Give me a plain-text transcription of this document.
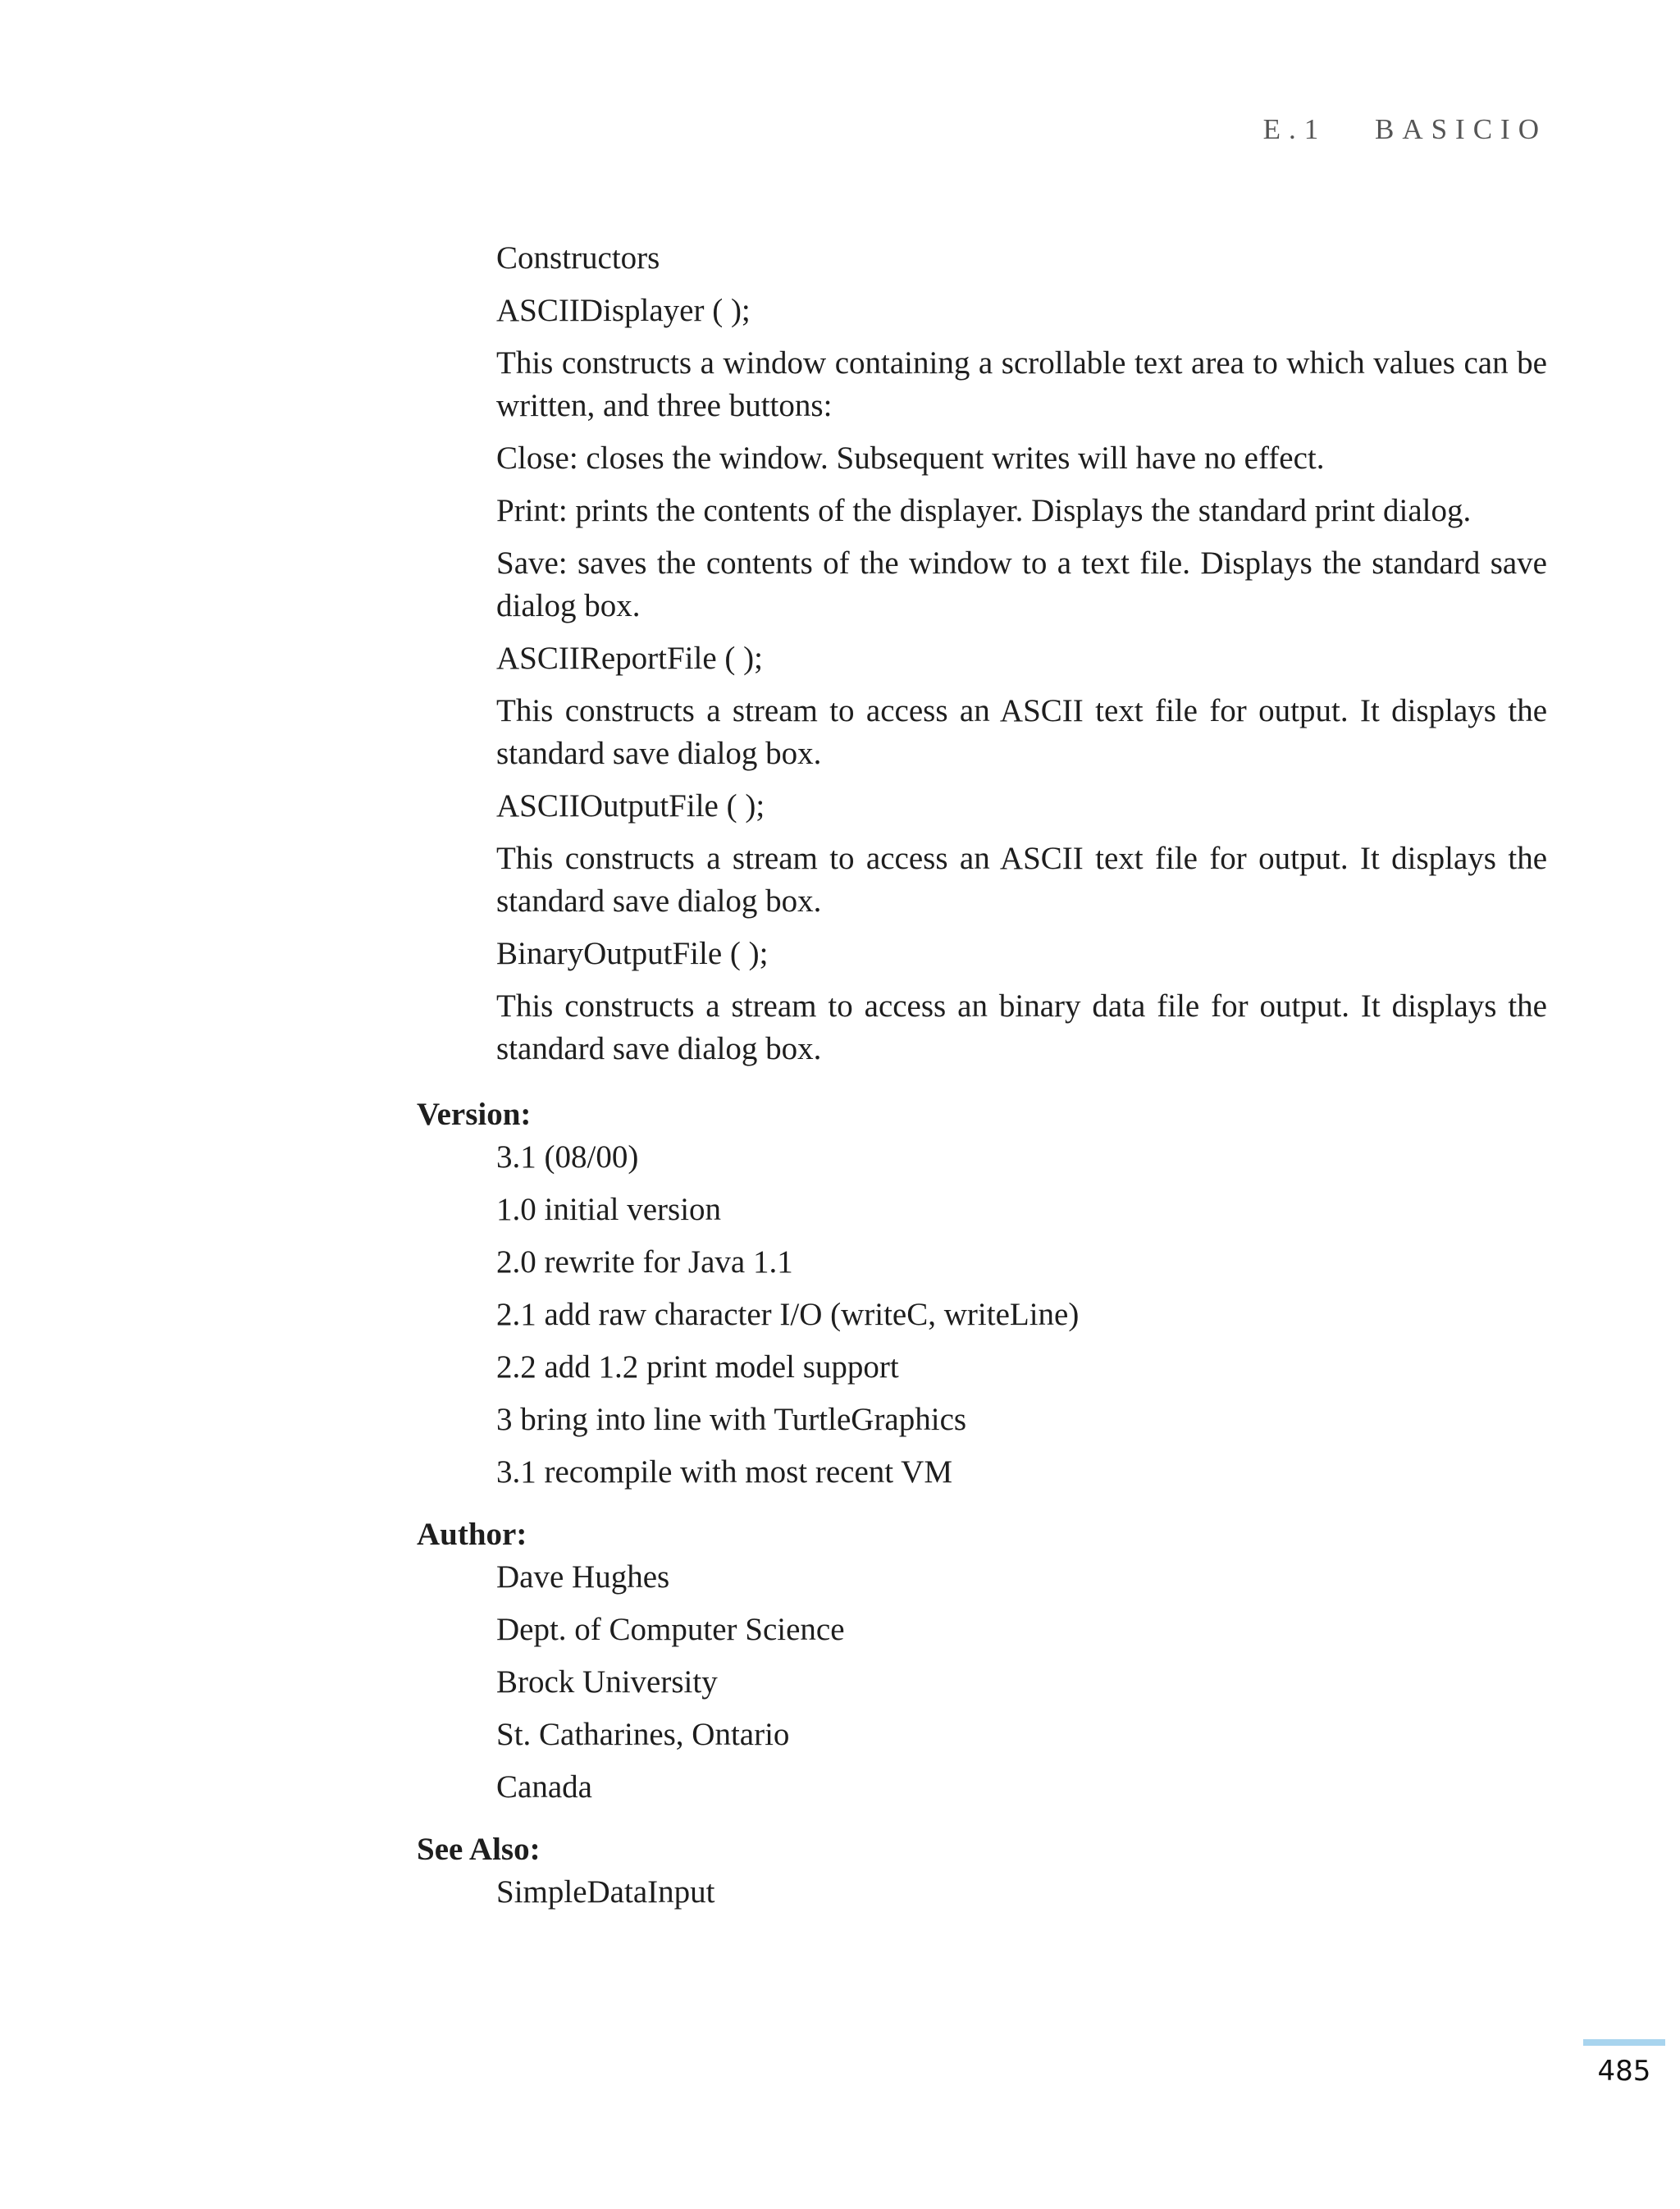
E.1 BASICIO
Constructors
ASCIIDisplayer ( );
This constructs a window containing a scrollable text area to which values can be written, and three buttons:
Close: closes the window. Subsequent writes will have no effect.
Print: prints the contents of the displayer. Displays the standard print dialog.
Save: saves the contents of the window to a text file. Displays the standard save dialog box.
ASCIIReportFile ( );
This constructs a stream to access an ASCII text file for output. It displays the standard save dialog box.
ASCIIOutputFile ( );
This constructs a stream to access an ASCII text file for output. It displays the standard save dialog box.
BinaryOutputFile ( );
This constructs a stream to access an binary data file for output. It displays the standard save dialog box.
Version:
3.1 (08/00)
1.0 initial version
2.0 rewrite for Java 1.1
2.1 add raw character I/O (writeC, writeLine)
2.2 add 1.2 print model support
3 bring into line with TurtleGraphics
3.1 recompile with most recent VM
Author:
Dave Hughes
Dept. of Computer Science
Brock University
St. Catharines, Ontario
Canada
See Also:
SimpleDataInput
485
